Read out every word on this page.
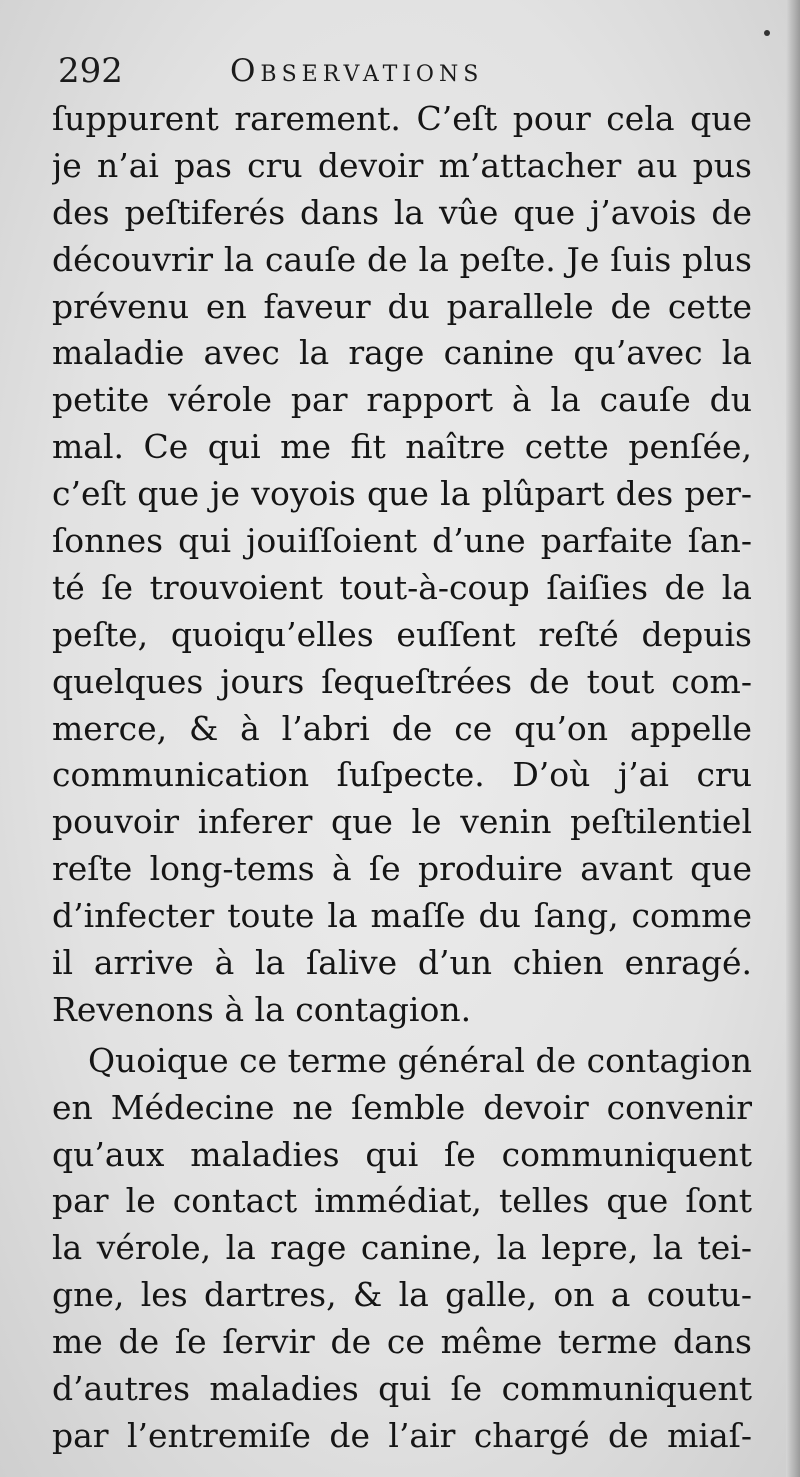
292	Observations
ſuppurent rarement. C’eſt pour cela que
je n’ai pas cru devoir m’attacher au pus
des peſtiferés dans la vûe que j’avois de
découvrir la cauſe de la peſte. Je ſuis plus
prévenu en faveur du parallele de cette
maladie avec la rage canine qu’avec la
petite vérole par rapport à la cauſe du
mal. Ce qui me fit naître cette penſée,
c’eſt que je voyois que la plûpart des per-
ſonnes qui jouiſſoient d’une parfaite ſan-
té ſe trouvoient tout-à-coup ſaiſies de la
peſte, quoiqu’elles euſſent reſté depuis
quelques jours ſequeſtrées de tout com-
merce, & à l’abri de ce qu’on appelle
communication ſuſpecte. D’où j’ai cru
pouvoir inferer que le venin peſtilentiel
reſte long-tems à ſe produire avant que
d’infecter toute la maſſe du ſang, comme
il arrive à la ſalive d’un chien enragé.
Revenons à la contagion.
Quoique ce terme général de contagion
en Médecine ne ſemble devoir convenir
qu’aux maladies qui ſe communiquent
par le contact immédiat, telles que ſont
la vérole, la rage canine, la lepre, la tei-
gne, les dartres, & la galle, on a coutu-
me de ſe ſervir de ce même terme dans
d’autres maladies qui ſe communiquent
par l’entremiſe de l’air chargé de miaſ-
